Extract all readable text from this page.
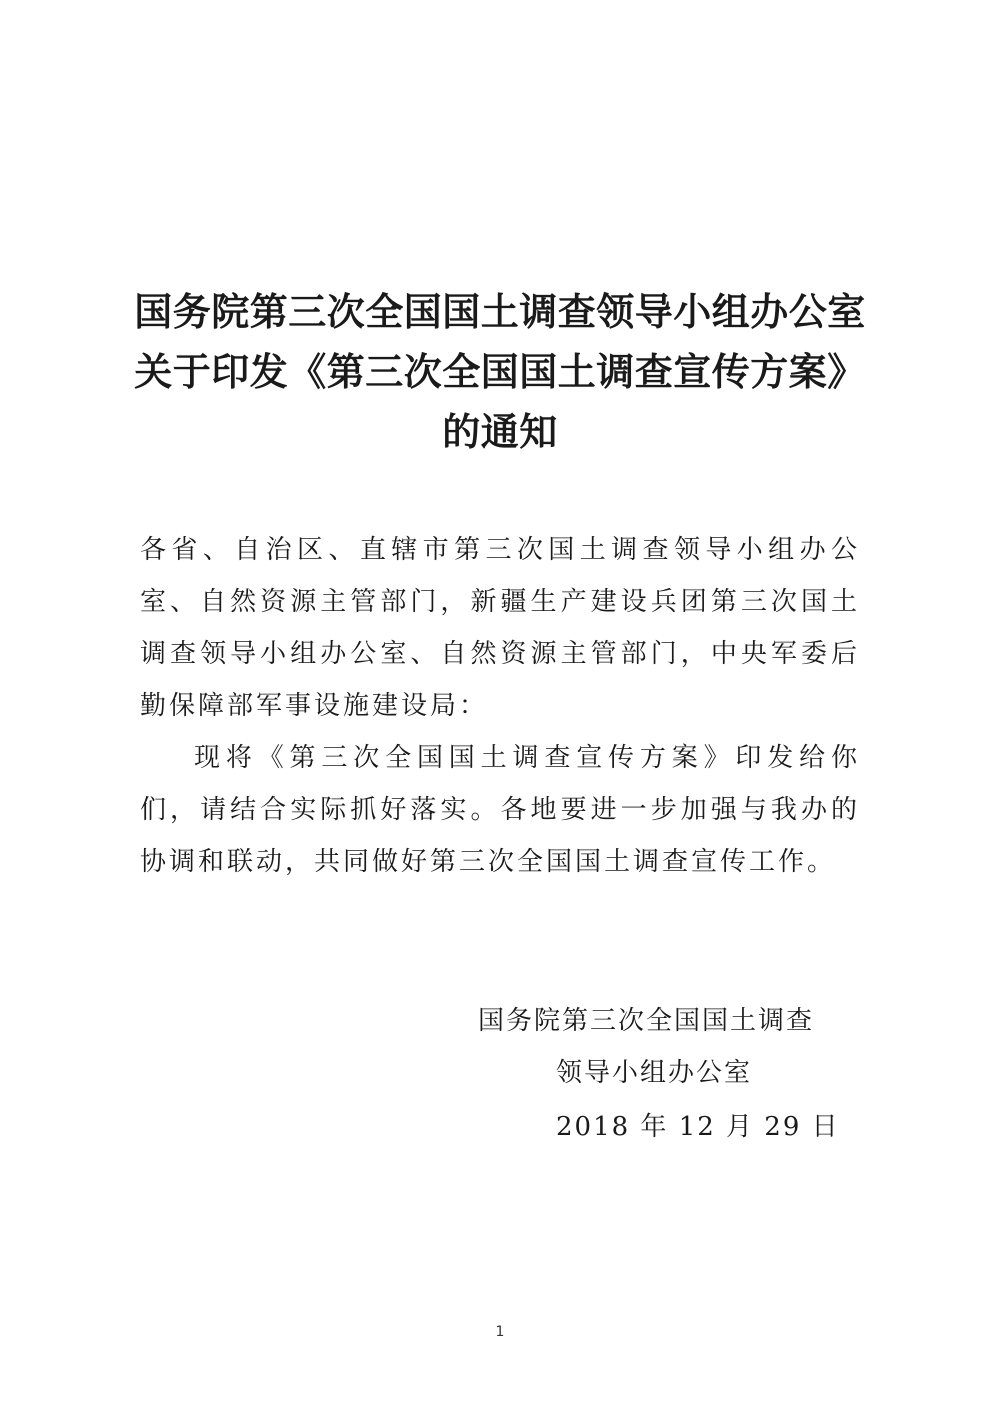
国务院第三次全国国土调查领导小组办公室
关于印发《第三次全国国土调查宣传方案》
的通知
各省、自治区、直辖市第三次国土调查领导小组办公室、自然资源主管部门，新疆生产建设兵团第三次国土调查领导小组办公室、自然资源主管部门，中央军委后勤保障部军事设施建设局：
现将《第三次全国国土调查宣传方案》印发给你们，请结合实际抓好落实。各地要进一步加强与我办的协调和联动，共同做好第三次全国国土调查宣传工作。
国务院第三次全国国土调查
领导小组办公室
2018 年 12 月 29 日
1
